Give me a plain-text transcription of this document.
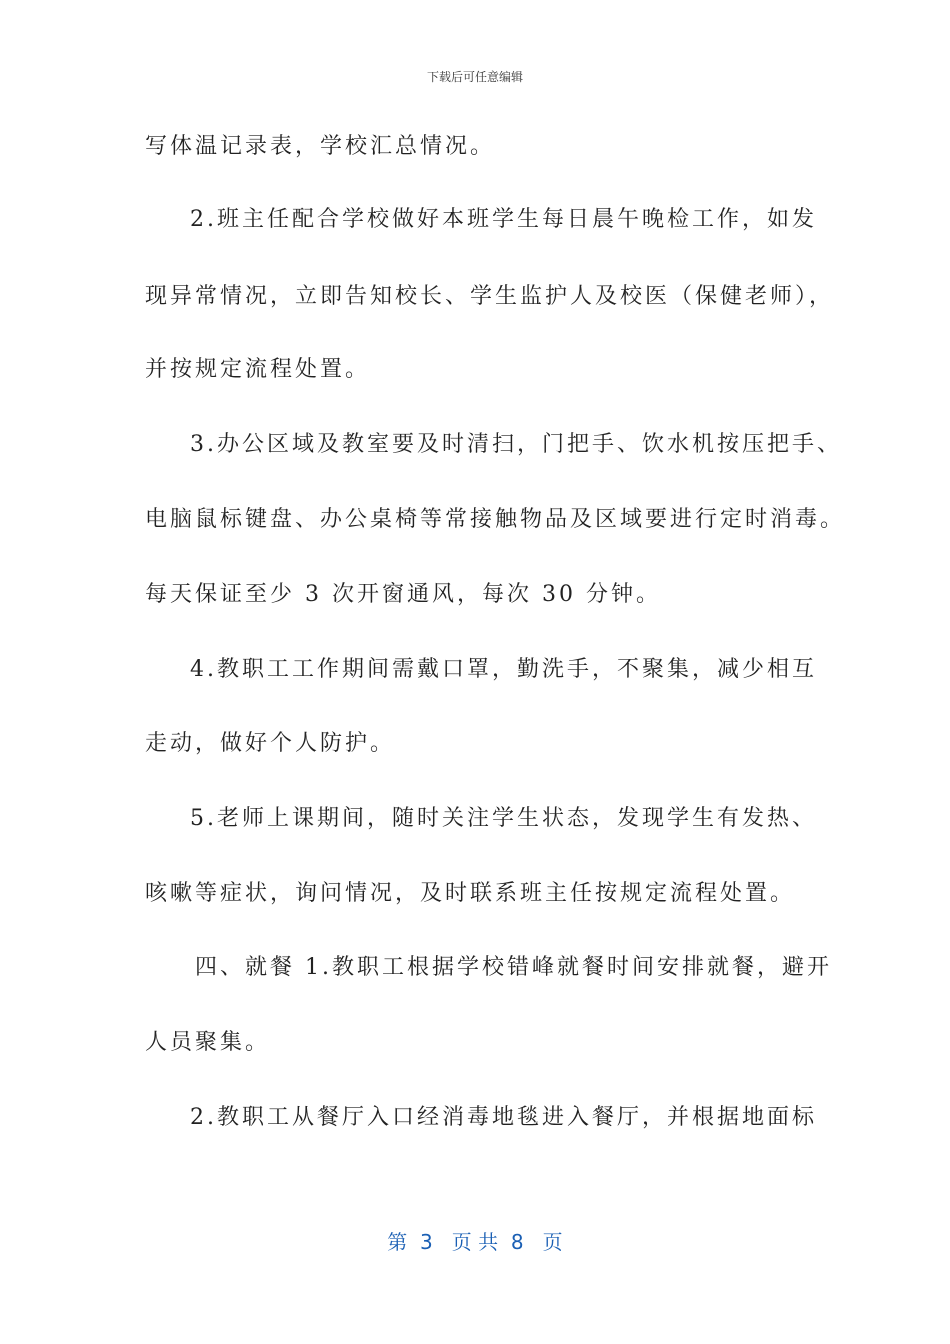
下载后可任意编辑
写体温记录表，学校汇总情况。
2.班主任配合学校做好本班学生每日晨午晚检工作，如发
现异常情况，立即告知校长、学生监护人及校医（保健老师），
并按规定流程处置。
3.办公区域及教室要及时清扫，门把手、饮水机按压把手、
电脑鼠标键盘、办公桌椅等常接触物品及区域要进行定时消毒。
每天保证至少 3 次开窗通风，每次 30 分钟。
4.教职工工作期间需戴口罩，勤洗手，不聚集，减少相互
走动，做好个人防护。
5.老师上课期间，随时关注学生状态，发现学生有发热、
咳嗽等症状，询问情况，及时联系班主任按规定流程处置。
四、就餐 1.教职工根据学校错峰就餐时间安排就餐，避开
人员聚集。
2.教职工从餐厅入口经消毒地毯进入餐厅，并根据地面标
第  3   页 共  8   页
